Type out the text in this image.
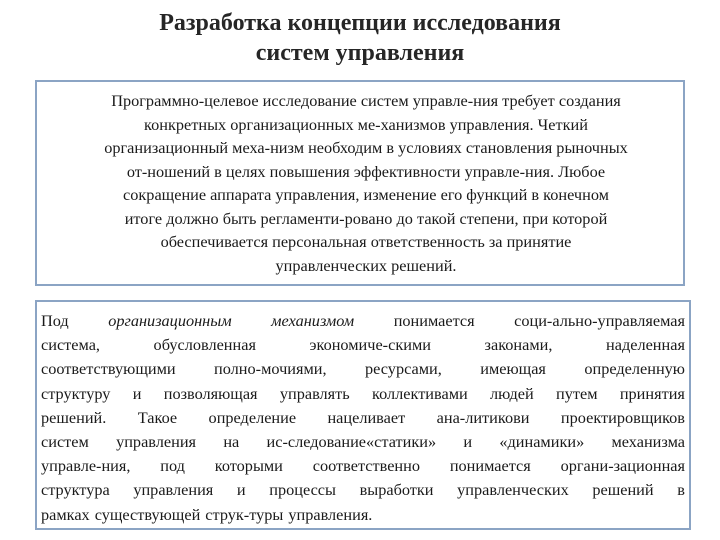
Разработка концепции исследования
систем управления
Программно-целевое исследование систем управле-ния требует создания
конкретных организационных ме-ханизмов управления. Четкий
организационный меха-низм необходим в условиях становления рыночных
от-ношений в целях повышения эффективности управле-ния. Любое
сокращение аппарата управления, изменение его функций в конечном
итоге должно быть регламенти-ровано до такой степени, при которой
обеспечивается персональная ответственность за принятие
управленческих решений.
Под организационным механизмом понимается соци-ально-управляемая
система,	обусловленная	экономиче-скими	законами,	наделенная
соответствующими полно-мочиями, ресурсами, имеющая определенную
структуру и позволяющая управлять коллективами людей путем принятия
решений. Такое определение нацеливает ана-литикови проектировщиков
систем управления на ис-следование«статики» и «динамики» механизма
управле-ния, под которыми соответственно понимается органи-зационная
структура управления и процессы выработки управленческих решений в
рамках существующей струк-туры управления.
